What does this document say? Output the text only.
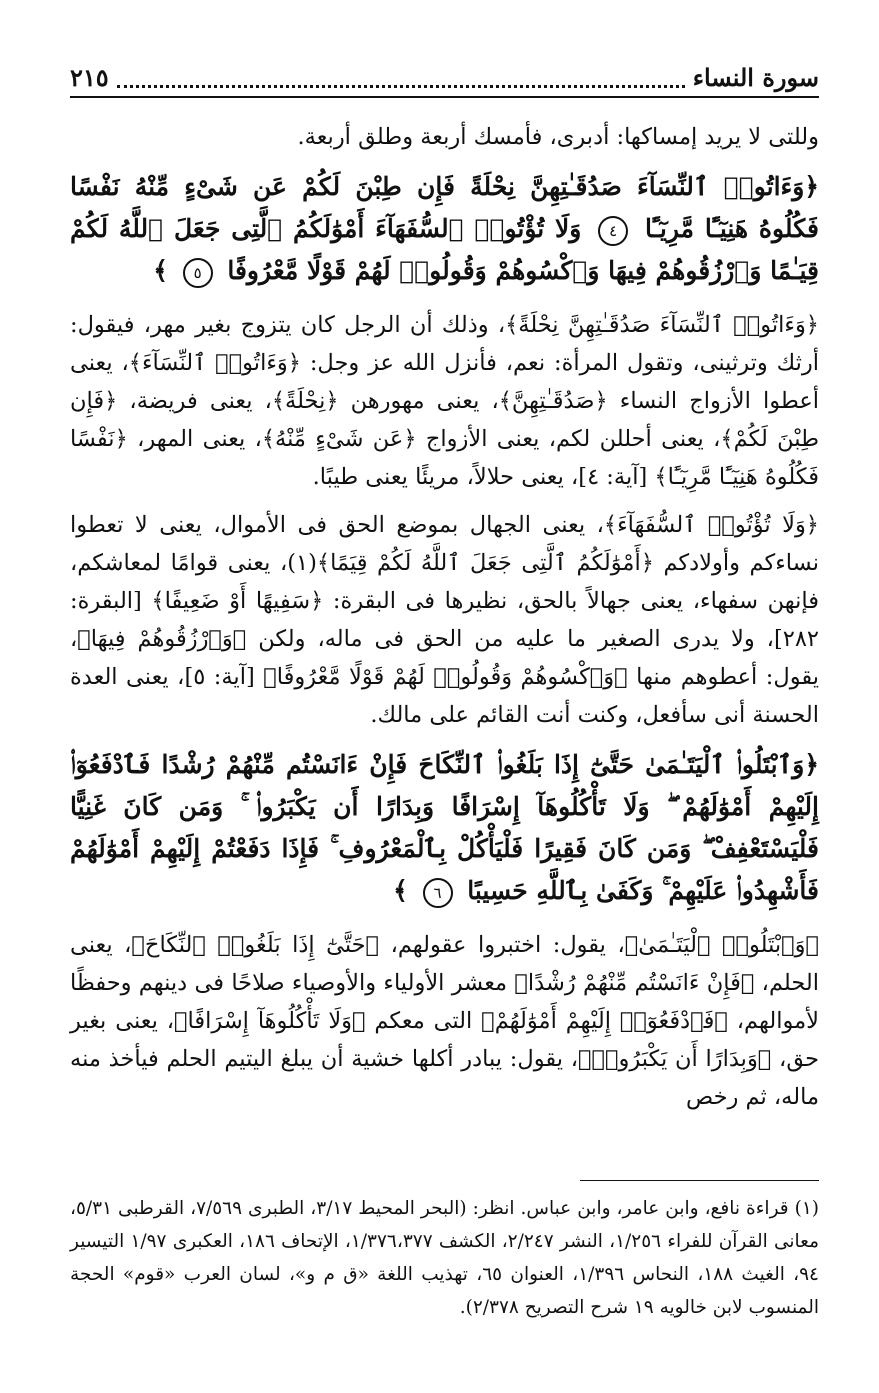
سورة النساء
٢١٥

وللتى لا يريد إمساكها: أدبرى، فأمسك أربعة وطلق أربعة.

﴿وَءَاتُوا۟ ٱلنِّسَآءَ صَدُقَـٰتِهِنَّ نِحْلَةً فَإِن طِبْنَ لَكُمْ عَن شَىْءٍ مِّنْهُ نَفْسًا فَكُلُوهُ هَنِيٓـًٔا مَّرِيٓـًٔا ٤ وَلَا تُؤْتُوا۟ ٱلسُّفَهَآءَ أَمْوَٰلَكُمُ ٱلَّتِى جَعَلَ ٱللَّهُ لَكُمْ قِيَـٰمًا وَٱرْزُقُوهُمْ فِيهَا وَٱكْسُوهُمْ وَقُولُوا۟ لَهُمْ قَوْلًا مَّعْرُوفًا ٥ ﴾

﴿وَءَاتُوا۟ ٱلنِّسَآءَ صَدُقَـٰتِهِنَّ نِحْلَةً﴾، وذلك أن الرجل كان يتزوج بغير مهر، فيقول: أرثك وترثينى، وتقول المرأة: نعم، فأنزل الله عز وجل: ﴿وَءَاتُوا۟ ٱلنِّسَآءَ﴾، يعنى أعطوا الأزواج النساء ﴿صَدُقَـٰتِهِنَّ﴾، يعنى مهورهن ﴿نِحْلَةً﴾، يعنى فريضة، ﴿فَإِن طِبْنَ لَكُمْ﴾، يعنى أحللن لكم، يعنى الأزواج ﴿عَن شَىْءٍ مِّنْهُ﴾، يعنى المهر، ﴿نَفْسًا فَكُلُوهُ هَنِيٓـًٔا مَّرِيٓـًٔا﴾ [آية: ٤]، يعنى حلالاً، مريئًا يعنى طيبًا.

﴿وَلَا تُؤْتُوا۟ ٱلسُّفَهَآءَ﴾، يعنى الجهال بموضع الحق فى الأموال، يعنى لا تعطوا نساءكم وأولادكم ﴿أَمْوَٰلَكُمُ ٱلَّتِى جَعَلَ ٱللَّهُ لَكُمْ قِيَمًا﴾(١)، يعنى قوامًا لمعاشكم، فإنهن سفهاء، يعنى جهالاً بالحق، نظيرها فى البقرة: ﴿سَفِيهًا أَوْ ضَعِيفًا﴾ [البقرة: ٢٨٢]، ولا يدرى الصغير ما عليه من الحق فى ماله، ولكن ﴿وَٱرْزُقُوهُمْ فِيهَا﴾، يقول: أعطوهم منها ﴿وَٱكْسُوهُمْ وَقُولُوا۟ لَهُمْ قَوْلًا مَّعْرُوفًا﴾ [آية: ٥]، يعنى العدة الحسنة أنى سأفعل، وكنت أنت القائم على مالك.

﴿وَٱبْتَلُوا۟ ٱلْيَتَـٰمَىٰ حَتَّىٰٓ إِذَا بَلَغُوا۟ ٱلنِّكَاحَ فَإِنْ ءَانَسْتُم مِّنْهُمْ رُشْدًا فَٱدْفَعُوٓا۟ إِلَيْهِمْ أَمْوَٰلَهُمْ ۖ وَلَا تَأْكُلُوهَآ إِسْرَافًا وَبِدَارًا أَن يَكْبَرُوا۟ ۚ وَمَن كَانَ غَنِيًّا فَلْيَسْتَعْفِفْ ۖ وَمَن كَانَ فَقِيرًا فَلْيَأْكُلْ بِٱلْمَعْرُوفِ ۚ فَإِذَا دَفَعْتُمْ إِلَيْهِمْ أَمْوَٰلَهُمْ فَأَشْهِدُوا۟ عَلَيْهِمْ ۚ وَكَفَىٰ بِٱللَّهِ حَسِيبًا ٦ ﴾

﴿وَٱبْتَلُوا۟ ٱلْيَتَـٰمَىٰ﴾، يقول: اختبروا عقولهم، ﴿حَتَّىٰٓ إِذَا بَلَغُوا۟ ٱلنِّكَاحَ﴾، يعنى الحلم، ﴿فَإِنْ ءَانَسْتُم مِّنْهُمْ رُشْدًا﴾ معشر الأولياء والأوصياء صلاحًا فى دينهم وحفظًا لأموالهم، ﴿فَٱدْفَعُوٓا۟ إِلَيْهِمْ أَمْوَٰلَهُمْ﴾ التى معكم ﴿وَلَا تَأْكُلُوهَآ إِسْرَافًا﴾، يعنى بغير حق، ﴿وَبِدَارًا أَن يَكْبَرُوا۟﴾، يقول: يبادر أكلها خشية أن يبلغ اليتيم الحلم فيأخذ منه ماله، ثم رخص

(١) قراءة نافع، وابن عامر، وابن عباس. انظر: (البحر المحيط ٣/١٧، الطبرى ٧/٥٦٩، القرطبى ٥/٣١، معانى القرآن للفراء ١/٢٥٦، النشر ٢/٢٤٧، الكشف ١/٣٧٦،٣٧٧، الإتحاف ١٨٦، العكبرى ١/٩٧ التيسير ٩٤، الغيث ١٨٨، النحاس ١/٣٩٦، العنوان ٦٥، تهذيب اللغة «ق م و»، لسان العرب «قوم» الحجة المنسوب لابن خالويه ١٩ شرح التصريح ٢/٣٧٨).
